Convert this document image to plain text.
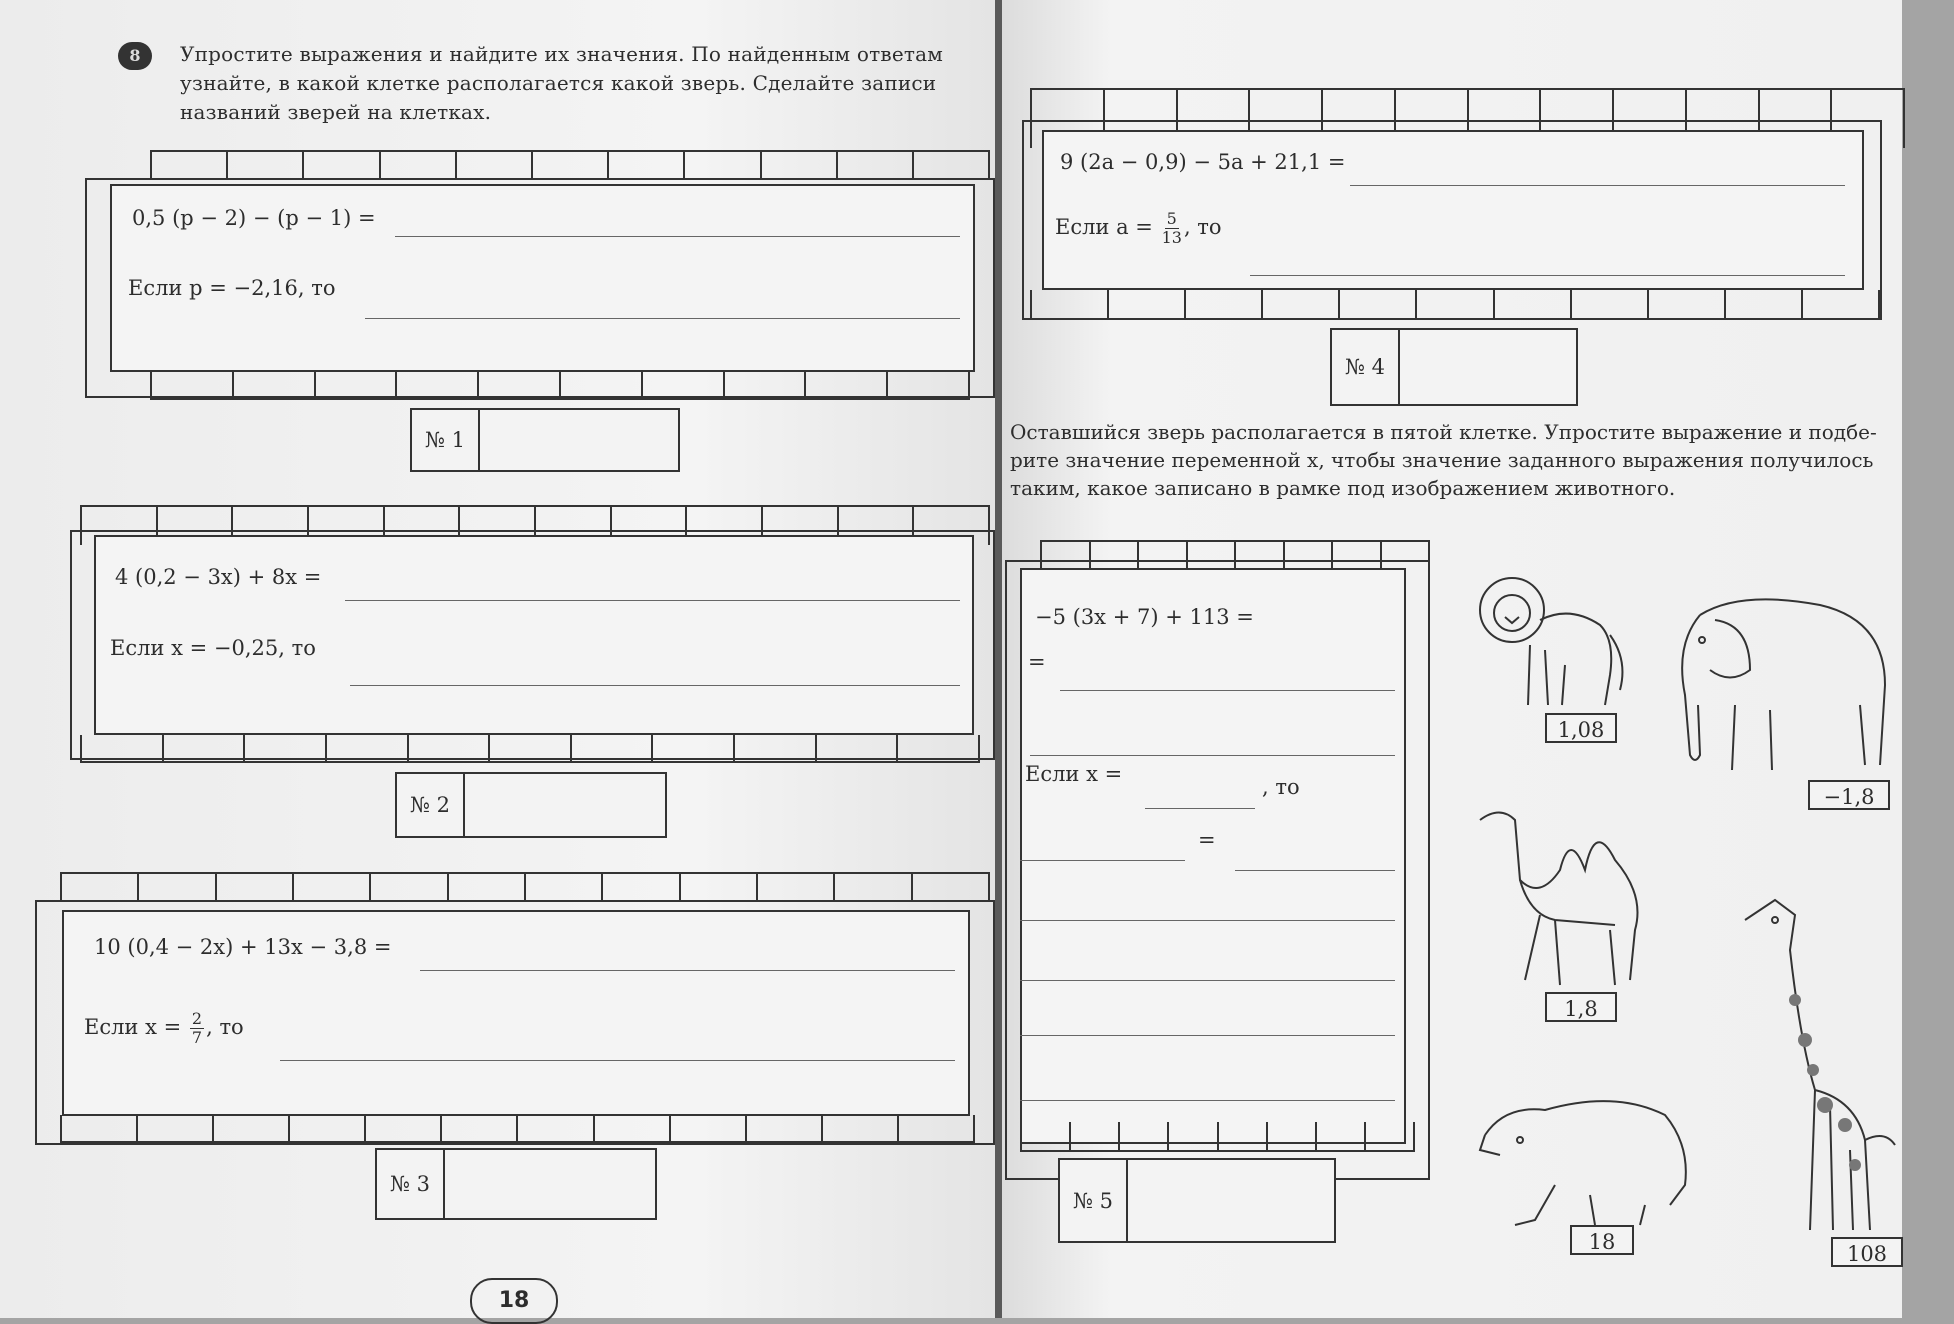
8	Упростите выражения и найдите их значения. По найденным ответам
узнайте, в какой клетке располагается какой зверь. Сделайте записи
названий зверей на клетках.
0,5 (p − 2) − (p − 1) =
Если p = −2,16, то
№ 1
4 (0,2 − 3x) + 8x =
Если x = −0,25, то
№ 2
10 (0,4 − 2x) + 13x − 3,8 =
Если $x = \frac{2}{7}$ , то
№ 3
18
9 (2a − 0,9) − 5a + 21,1 =
Если $a = \frac{5}{13}$ , то
№ 4
Оставшийся зверь располагается в пятой клетке. Упростите выражение и подбе-
рите значение переменной x, чтобы значение заданного выражения получилось
таким, какое записано в рамке под изображением животного.
−5 (3x + 7) + 113 =
=
Если x =
, то
=
№ 5
1,08
−1,8
1,8
108
18
